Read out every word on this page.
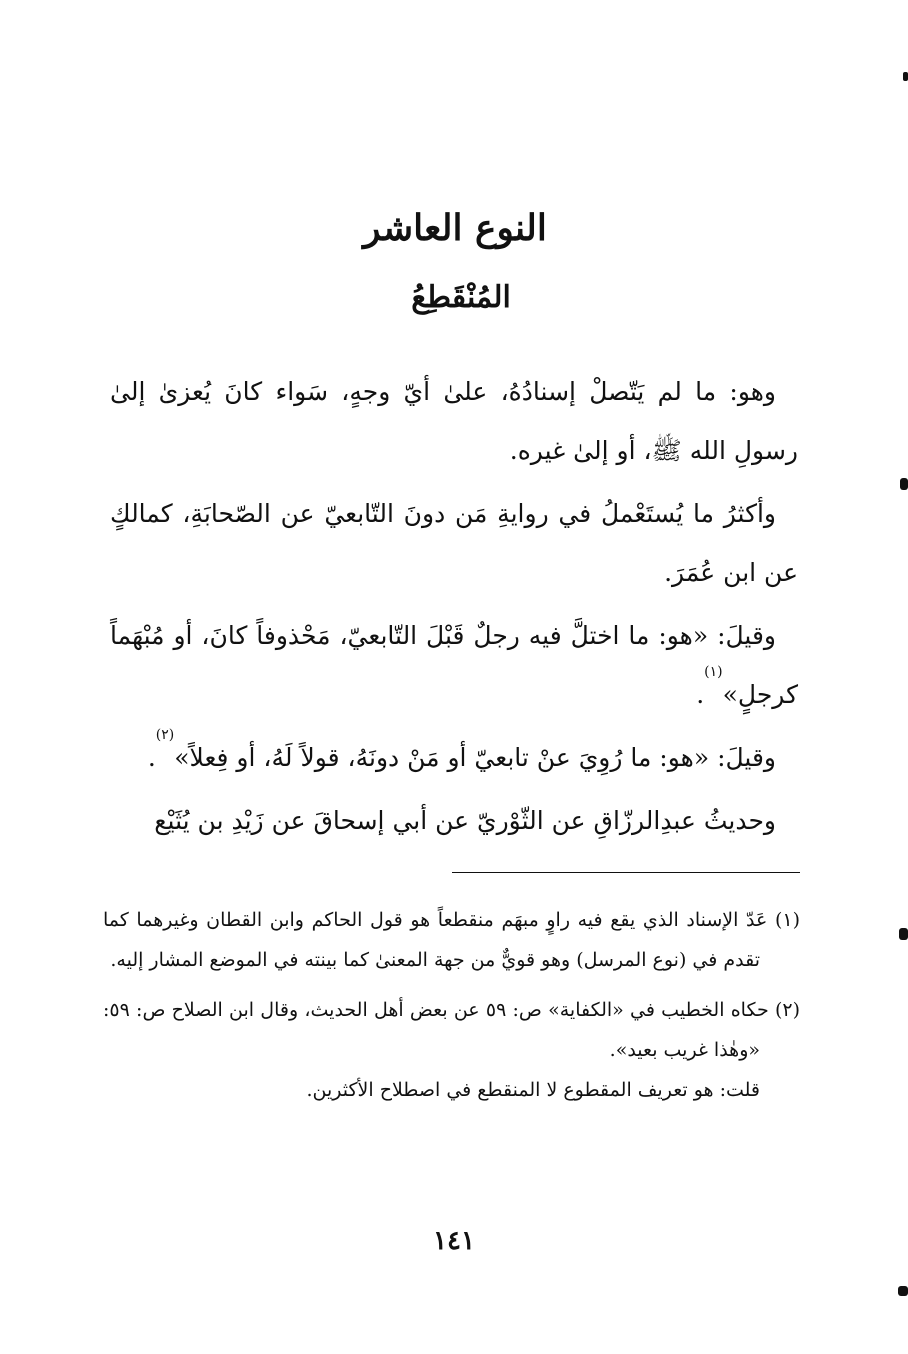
النوع العاشر
المُنْقَطِعُ

وهو: ما لم يَتّصلْ إسنادُهُ، علىٰ أيّ وجهٍ، سَواء كانَ يُعزىٰ إلىٰ رسولِ الله ﷺ، أو إلىٰ غيره.

وأكثرُ ما يُستَعْملُ في روايةِ مَن دونَ التّابعيّ عن الصّحابَةِ، كمالكٍ عن ابن عُمَرَ.

وقيلَ: «هو: ما اختلَّ فيه رجلٌ قَبْلَ التّابعيّ، مَحْذوفاً كانَ، أو مُبْهَماً كرجلٍ»$^{(١)}$.

وقيلَ: «هو: ما رُوِيَ عنْ تابعيّ أو مَنْ دونَهُ، قولاً لَهُ، أو فِعلاً»$^{(٢)}$.

وحديثُ عبدِالرزّاقِ عن الثّوْريّ عن أبي إسحاقَ عن زَيْدِ بن يُثَيْع

(١) عَدّ الإسناد الذي يقع فيه راوٍ مبهَم منقطعاً هو قول الحاكم وابن القطان وغيرهما كما تقدم في (نوع المرسل) وهو قويٌّ من جهة المعنىٰ كما بينته في الموضع المشار إليه.

(٢) حكاه الخطيب في «الكفاية» ص: ٥٩ عن بعض أهل الحديث، وقال ابن الصلاح ص: ٥٩: «وهٰذا غريب بعيد».

قلت: هو تعريف المقطوع لا المنقطع في اصطلاح الأكثرين.

١٤١
